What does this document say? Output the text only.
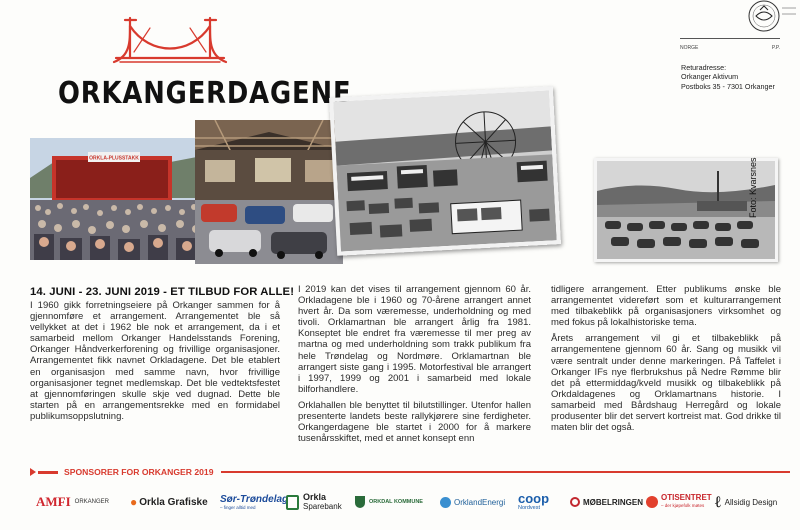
ORKANGERDAGENE
NORGE	P.P.
Returadresse:
Orkanger Aktivum
Postboks 35 - 7301 Orkanger
ORKLA-PLUSSTAKK	Foto: Kvarsnes
14. JUNI - 23. JUNI 2019 - ET TILBUD FOR ALLE!

I 1960 gikk forretningseiere på Orkanger sammen for å gjennomføre et arrangement. Arrangementet ble så vellykket at det i 1962 ble nok et arrangement, da i et samarbeid mellom Orkanger Handelsstands Forening, Orkanger Håndverkerforening og frivillige organisasjoner. Arrangementet fikk navnet Orkladagene. Det ble etablert en organisasjon med samme navn, hvor frivillige organisasjoner tegnet medlemskap. Det ble vedtektsfestet at gjennomføringen skulle skje ved dugnad. Dette ble starten på en arrangementsrekke med en formidabel publikumsoppslutning.

I 2019 kan det vises til arrangement gjennom 60 år. Orkladagene ble i 1960 og 70-årene arrangert annet hvert år. Da som væremesse, underholdning og med tivoli. Orklamartnan ble arrangert årlig fra 1981. Konseptet ble endret fra væremesse til mer preg av martna og med underholdning som trakk publikum fra hele Trøndelag og Nordmøre. Orklamartnan ble arrangert siste gang i 1995. Motorfestival ble arrangert i 1997, 1999 og 2001 i samarbeid med lokale bilforhandlere.

Orklahallen ble benyttet til bilutstillinger. Utenfor hallen presenterte landets beste rallykjørere sine ferdigheter. Orkangerdagene ble startet i 2000 for å markere tusenårsskiftet, med et annet konsept enn

tidligere arrangement. Etter publikums ønske ble arrangementet videreført som et kulturarrangement med tilbakeblikk på organisasjoners virksomhet og med fokus på lokalhistoriske tema.

Årets arrangement vil gi et tilbakeblikk på arrangementene gjennom 60 år. Sang og musikk vil være sentralt under denne markeringen. På Taffelet i Orkanger IFs nye flerbrukshus på Nedre Rømme blir det på ettermiddag/kveld musikk og tilbakeblikk på Orkdaldagenes og Orklamartnans historie. I samarbeid med Bårdshaug Herregård og lokale produsenter blir det servert kortreist mat. God drikke til maten blir det også.

SPONSORER FOR ORKANGER 2019
AMFI ORKANGER ● Orkla Grafiske Sør-Trøndelag
– finger alltid med
Orkla
Sparebank	ORKDAL KOMMUNE	OrklandEnergi coop
Nordvest
MØBELRINGEN OTISENTRET
– der kjøpefolk møtes ℓ Allsidig Design
